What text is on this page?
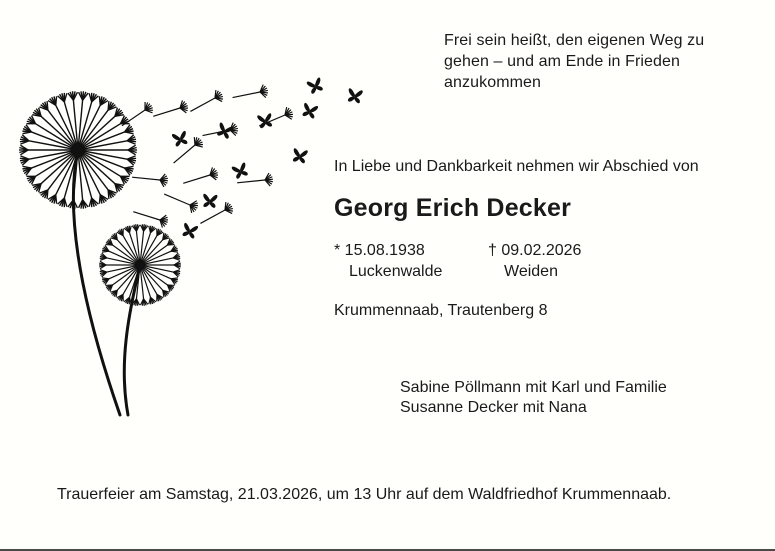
Frei sein heißt, den eigenen Weg zu
gehen – und am Ende in Frieden
anzukommen
In Liebe und Dankbarkeit nehmen wir Abschied von
Georg Erich Decker
* 15.08.1938
Luckenwalde
† 09.02.2026
Weiden
Krummennaab, Trautenberg 8
Sabine Pöllmann mit Karl und Familie
Susanne Decker mit Nana
Trauerfeier am Samstag, 21.03.2026, um 13 Uhr auf dem Waldfriedhof Krummennaab.
